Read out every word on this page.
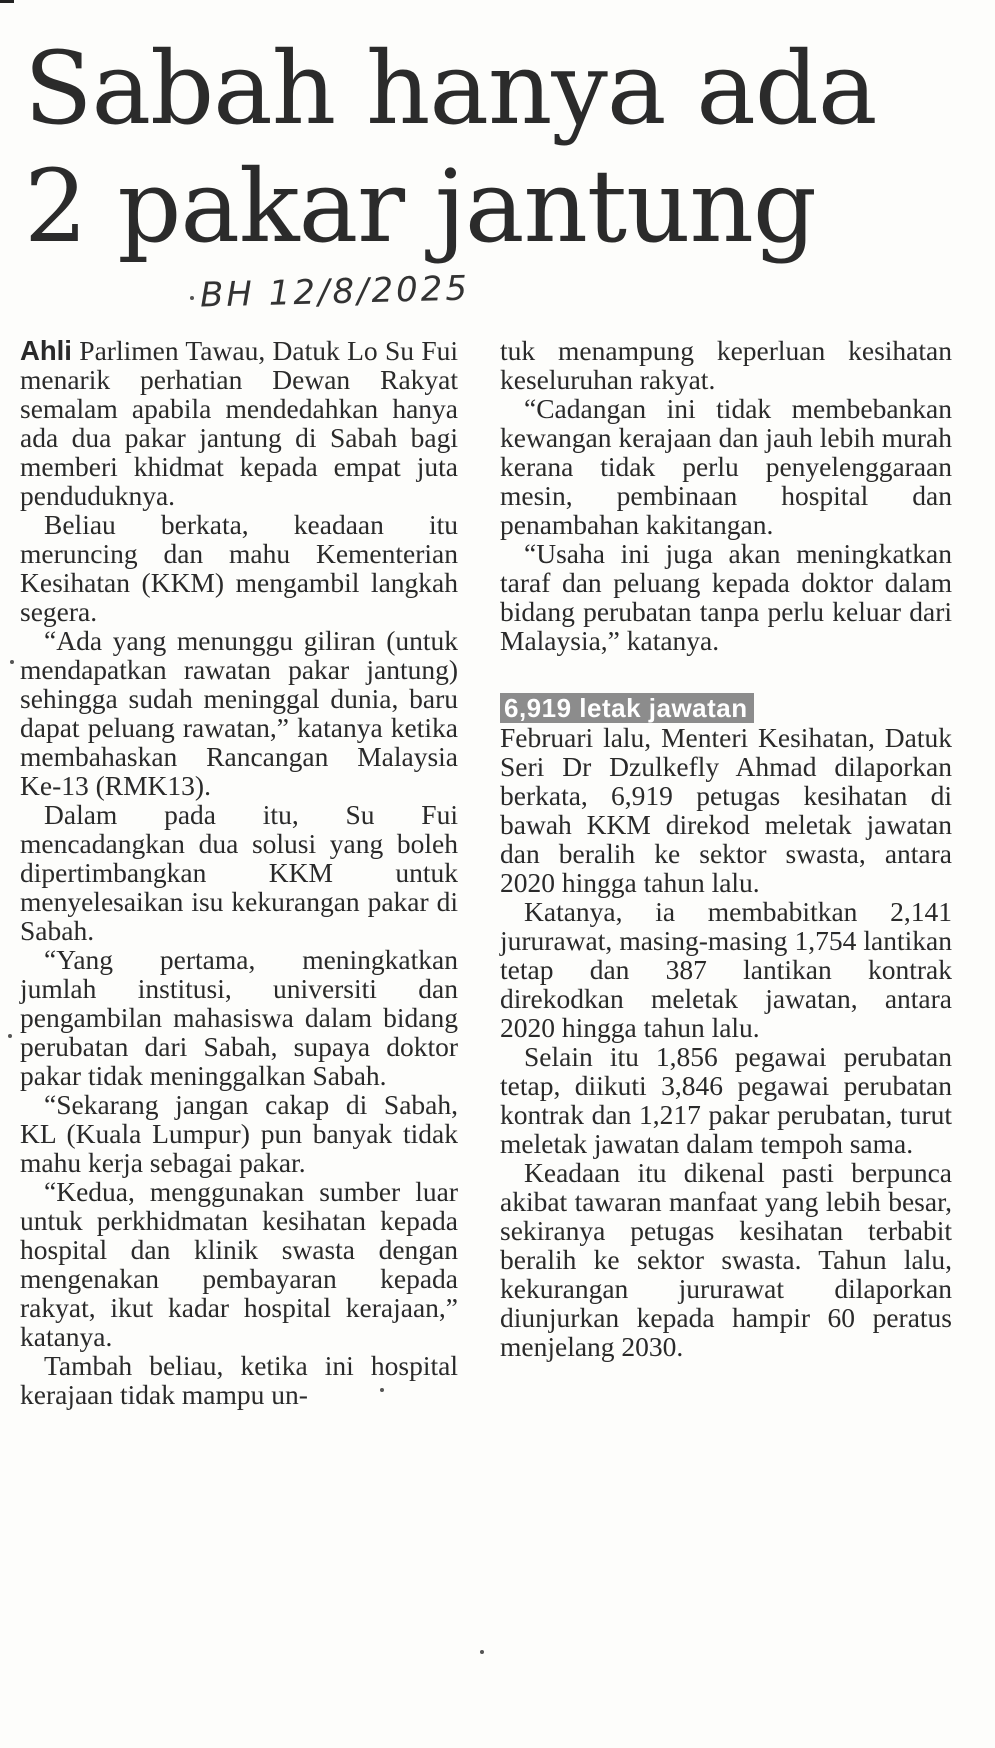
Sabah hanya ada
2 pakar jantung
BH 12/8/2025

Ahli Parlimen Tawau, Datuk Lo Su Fui menarik perhatian Dewan Rakyat semalam apabila mendedahkan hanya ada dua pakar jantung di Sabah bagi memberi khidmat kepada empat juta penduduknya.

Beliau berkata, keadaan itu meruncing dan mahu Kementerian Kesihatan (KKM) mengambil langkah segera.

“Ada yang menunggu giliran (untuk mendapatkan rawatan pakar jantung) sehingga sudah meninggal dunia, baru dapat peluang rawatan,” katanya ketika membahaskan Rancangan Malaysia Ke-13 (RMK13).

Dalam pada itu, Su Fui mencadangkan dua solusi yang boleh dipertimbangkan KKM untuk menyelesaikan isu kekurangan pakar di Sabah.

“Yang pertama, meningkatkan jumlah institusi, universiti dan pengambilan mahasiswa dalam bidang perubatan dari Sabah, supaya doktor pakar tidak meninggalkan Sabah.

“Sekarang jangan cakap di Sabah, KL (Kuala Lumpur) pun banyak tidak mahu kerja sebagai pakar.

“Kedua, menggunakan sumber luar untuk perkhidmatan kesihatan kepada hospital dan klinik swasta dengan mengenakan pembayaran kepada rakyat, ikut kadar hospital kerajaan,” katanya.

Tambah beliau, ketika ini hospital kerajaan tidak mampu un-

tuk menampung keperluan kesihatan keseluruhan rakyat.

“Cadangan ini tidak membebankan kewangan kerajaan dan jauh lebih murah kerana tidak perlu penyelenggaraan mesin, pembinaan hospital dan penambahan kakitangan.

“Usaha ini juga akan meningkatkan taraf dan peluang kepada doktor dalam bidang perubatan tanpa perlu keluar dari Malaysia,” katanya.

6,919 letak jawatan

Februari lalu, Menteri Kesihatan, Datuk Seri Dr Dzulkefly Ahmad dilaporkan berkata, 6,919 petugas kesihatan di bawah KKM direkod meletak jawatan dan beralih ke sektor swasta, antara 2020 hingga tahun lalu.

Katanya, ia membabitkan 2,141 jururawat, masing-masing 1,754 lantikan tetap dan 387 lantikan kontrak direkodkan meletak jawatan, antara 2020 hingga tahun lalu.

Selain itu 1,856 pegawai perubatan tetap, diikuti 3,846 pegawai perubatan kontrak dan 1,217 pakar perubatan, turut meletak jawatan dalam tempoh sama.

Keadaan itu dikenal pasti berpunca akibat tawaran manfaat yang lebih besar, sekiranya petugas kesihatan terbabit beralih ke sektor swasta. Tahun lalu, kekurangan jururawat dilaporkan diunjurkan kepada hampir 60 peratus menjelang 2030.
